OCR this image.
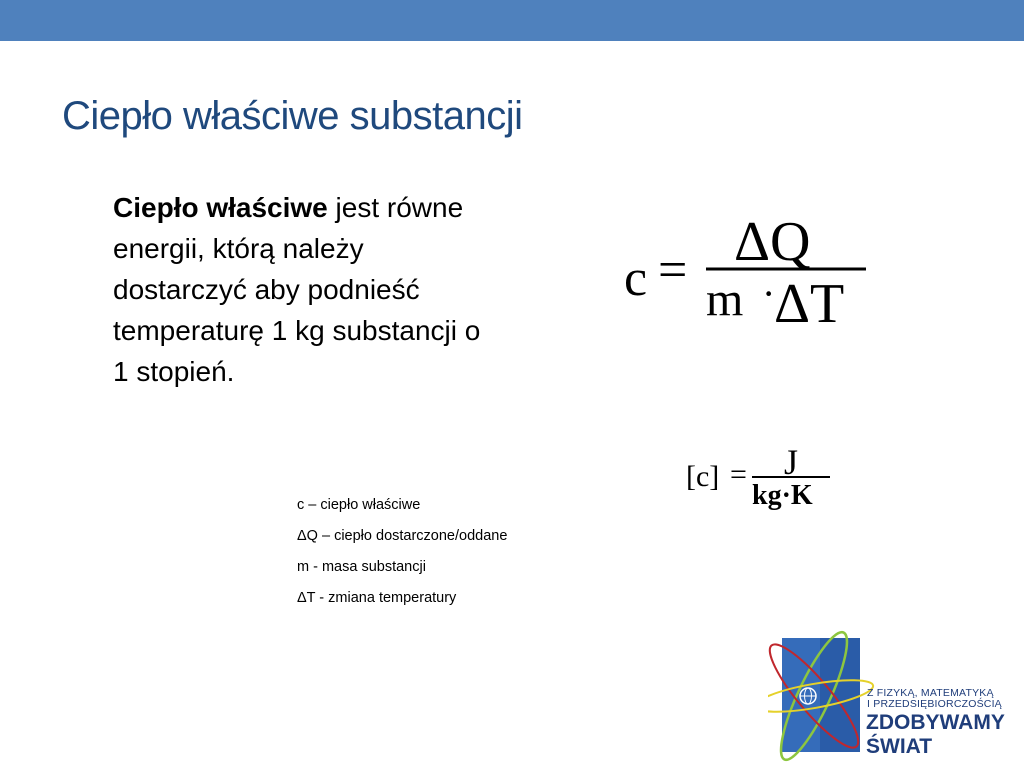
Ciepło właściwe substancji

Ciepło właściwe jest równe energii, którą należy dostarczyć aby podnieść temperaturę 1 kg substancji o 1 stopień.

c = ΔQ
m ·
ΔT
[c] = J
kg·K
c – ciepło właściwe
ΔQ – ciepło dostarczone/oddane
m - masa substancji
ΔT - zmiana temperatury
Z FIZYKĄ, MATEMATYKĄ
I PRZEDSIĘBIORCZOŚCIĄ
ZDOBYWAMY
ŚWIAT
